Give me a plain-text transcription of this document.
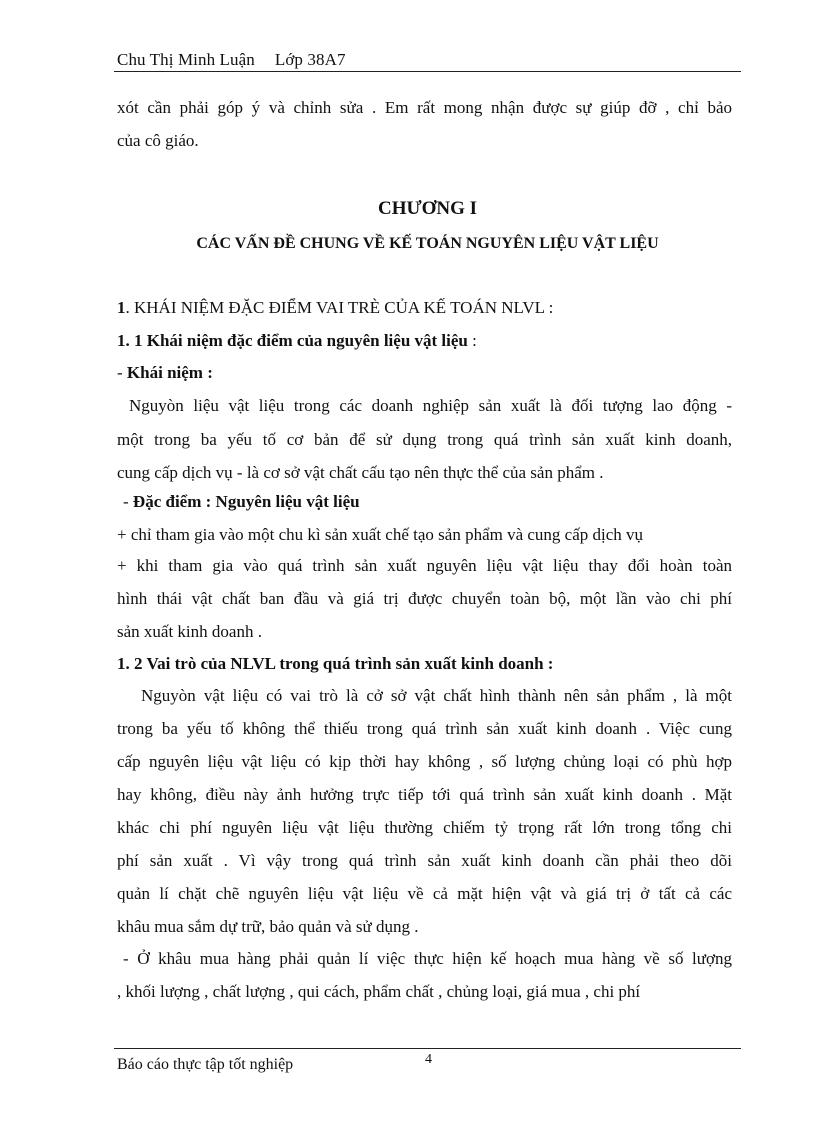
Chu Thị Minh Luận Lớp 38A7
xót cần phải góp ý và chỉnh sửa . Em rất mong nhận được sự giúp đỡ , chỉ bảo
của cô giáo.
CHƯƠNG I
CÁC VẤN ĐỀ CHUNG VỀ KẾ TOÁN NGUYÊN LIỆU VẬT LIỆU
1. KHÁI NIỆM ĐẶC ĐIỂM VAI TRÈ CỦA KẾ TOÁN NLVL :
1. 1 Khái niệm đặc điểm của nguyên liệu vật liệu :
- Khái niệm :
Nguyòn liệu vật liệu trong các doanh nghiệp sản xuất là đối tượng lao động -
một trong ba yếu tố cơ bản để sử dụng trong quá trình sản xuất kinh doanh,
cung cấp dịch vụ - là cơ sở vật chất cấu tạo nên thực thể của sản phẩm .
- Đặc điểm : Nguyên liệu vật liệu
+ chỉ tham gia vào một chu kì sản xuất chế tạo sản phẩm và cung cấp dịch vụ
+ khi tham gia vào quá trình sản xuất nguyên liệu vật liệu thay đổi hoàn toàn
hình thái vật chất ban đầu và giá trị được chuyển toàn bộ, một lần vào chi phí
sản xuất kinh doanh .
1. 2 Vai trò của NLVL trong quá trình sản xuất kinh doanh :
Nguyòn vật liệu có vai trò là cở sở vật chất hình thành nên sản phẩm , là một
trong ba yếu tố không thể thiếu trong quá trình sản xuất kinh doanh . Việc cung
cấp nguyên liệu vật liệu có kịp thời hay không , số lượng chủng loại có phù hợp
hay không, điều này ảnh hưởng trực tiếp tới quá trình sản xuất kinh doanh . Mặt
khác chi phí nguyên liệu vật liệu thường chiếm tỷ trọng rất lớn trong tổng chi
phí sản xuất . Vì vậy trong quá trình sản xuất kinh doanh cần phải theo dõi
quản lí chặt chẽ nguyên liệu vật liệu về cả mặt hiện vật và giá trị ở tất cả các
khâu mua sắm dự trữ, bảo quản và sử dụng .
- Ở khâu mua hàng phải quản lí việc thực hiện kế hoạch mua hàng về số lượng
, khối lượng , chất lượng , qui cách, phẩm chất , chủng loại, giá mua , chi phí
4
Báo cáo thực tập tốt nghiệp
